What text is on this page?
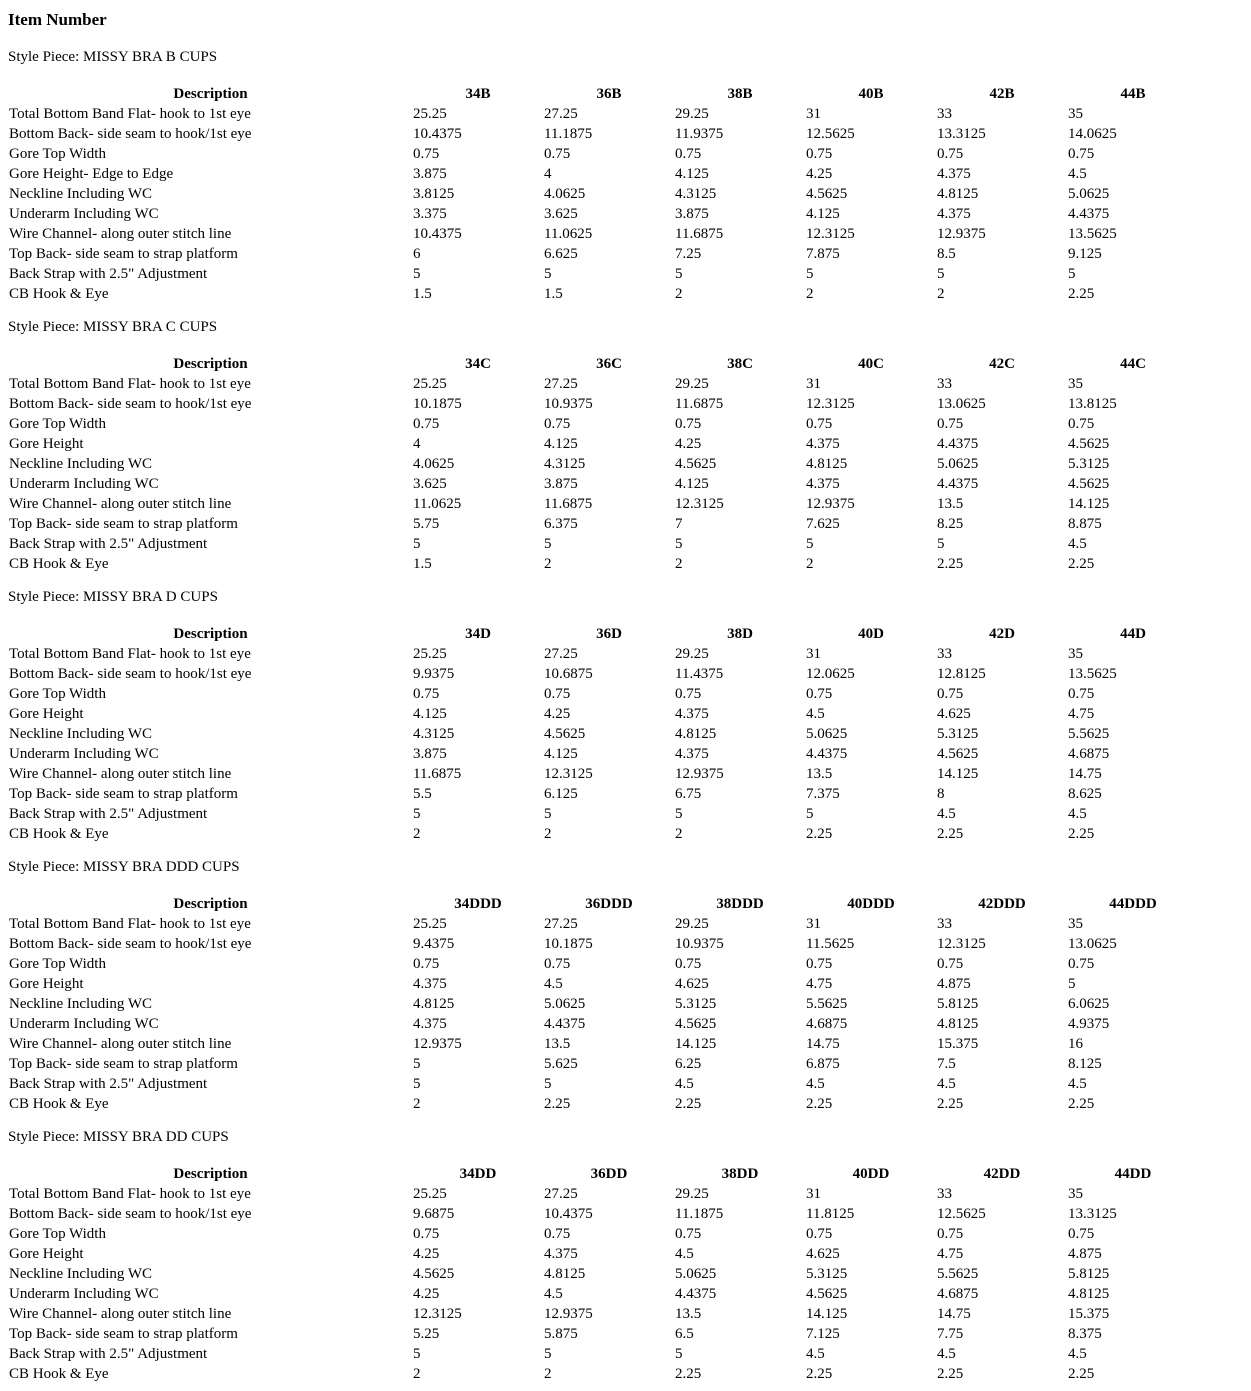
Item Number

Style Piece: MISSY BRA B CUPS

Description	34B	36B	38B	40B	42B	44B
Total Bottom Band Flat- hook to 1st eye	25.25	27.25	29.25	31	33	35
Bottom Back- side seam to hook/1st eye	10.4375	11.1875	11.9375	12.5625	13.3125	14.0625
Gore Top Width	0.75	0.75	0.75	0.75	0.75	0.75
Gore Height- Edge to Edge	3.875	4	4.125	4.25	4.375	4.5
Neckline Including WC	3.8125	4.0625	4.3125	4.5625	4.8125	5.0625
Underarm Including WC	3.375	3.625	3.875	4.125	4.375	4.4375
Wire Channel- along outer stitch line	10.4375	11.0625	11.6875	12.3125	12.9375	13.5625
Top Back- side seam to strap platform	6	6.625	7.25	7.875	8.5	9.125
Back Strap with 2.5" Adjustment	5	5	5	5	5	5
CB Hook & Eye	1.5	1.5	2	2	2	2.25

Style Piece: MISSY BRA C CUPS

Description	34C	36C	38C	40C	42C	44C
Total Bottom Band Flat- hook to 1st eye	25.25	27.25	29.25	31	33	35
Bottom Back- side seam to hook/1st eye	10.1875	10.9375	11.6875	12.3125	13.0625	13.8125
Gore Top Width	0.75	0.75	0.75	0.75	0.75	0.75
Gore Height	4	4.125	4.25	4.375	4.4375	4.5625
Neckline Including WC	4.0625	4.3125	4.5625	4.8125	5.0625	5.3125
Underarm Including WC	3.625	3.875	4.125	4.375	4.4375	4.5625
Wire Channel- along outer stitch line	11.0625	11.6875	12.3125	12.9375	13.5	14.125
Top Back- side seam to strap platform	5.75	6.375	7	7.625	8.25	8.875
Back Strap with 2.5" Adjustment	5	5	5	5	5	4.5
CB Hook & Eye	1.5	2	2	2	2.25	2.25

Style Piece: MISSY BRA D CUPS

Description	34D	36D	38D	40D	42D	44D
Total Bottom Band Flat- hook to 1st eye	25.25	27.25	29.25	31	33	35
Bottom Back- side seam to hook/1st eye	9.9375	10.6875	11.4375	12.0625	12.8125	13.5625
Gore Top Width	0.75	0.75	0.75	0.75	0.75	0.75
Gore Height	4.125	4.25	4.375	4.5	4.625	4.75
Neckline Including WC	4.3125	4.5625	4.8125	5.0625	5.3125	5.5625
Underarm Including WC	3.875	4.125	4.375	4.4375	4.5625	4.6875
Wire Channel- along outer stitch line	11.6875	12.3125	12.9375	13.5	14.125	14.75
Top Back- side seam to strap platform	5.5	6.125	6.75	7.375	8	8.625
Back Strap with 2.5" Adjustment	5	5	5	5	4.5	4.5
CB Hook & Eye	2	2	2	2.25	2.25	2.25

Style Piece: MISSY BRA DDD CUPS

Description	34DDD	36DDD	38DDD	40DDD	42DDD	44DDD
Total Bottom Band Flat- hook to 1st eye	25.25	27.25	29.25	31	33	35
Bottom Back- side seam to hook/1st eye	9.4375	10.1875	10.9375	11.5625	12.3125	13.0625
Gore Top Width	0.75	0.75	0.75	0.75	0.75	0.75
Gore Height	4.375	4.5	4.625	4.75	4.875	5
Neckline Including WC	4.8125	5.0625	5.3125	5.5625	5.8125	6.0625
Underarm Including WC	4.375	4.4375	4.5625	4.6875	4.8125	4.9375
Wire Channel- along outer stitch line	12.9375	13.5	14.125	14.75	15.375	16
Top Back- side seam to strap platform	5	5.625	6.25	6.875	7.5	8.125
Back Strap with 2.5" Adjustment	5	5	4.5	4.5	4.5	4.5
CB Hook & Eye	2	2.25	2.25	2.25	2.25	2.25

Style Piece: MISSY BRA DD CUPS

Description	34DD	36DD	38DD	40DD	42DD	44DD
Total Bottom Band Flat- hook to 1st eye	25.25	27.25	29.25	31	33	35
Bottom Back- side seam to hook/1st eye	9.6875	10.4375	11.1875	11.8125	12.5625	13.3125
Gore Top Width	0.75	0.75	0.75	0.75	0.75	0.75
Gore Height	4.25	4.375	4.5	4.625	4.75	4.875
Neckline Including WC	4.5625	4.8125	5.0625	5.3125	5.5625	5.8125
Underarm Including WC	4.25	4.5	4.4375	4.5625	4.6875	4.8125
Wire Channel- along outer stitch line	12.3125	12.9375	13.5	14.125	14.75	15.375
Top Back- side seam to strap platform	5.25	5.875	6.5	7.125	7.75	8.375
Back Strap with 2.5" Adjustment	5	5	5	4.5	4.5	4.5
CB Hook & Eye	2	2	2.25	2.25	2.25	2.25
